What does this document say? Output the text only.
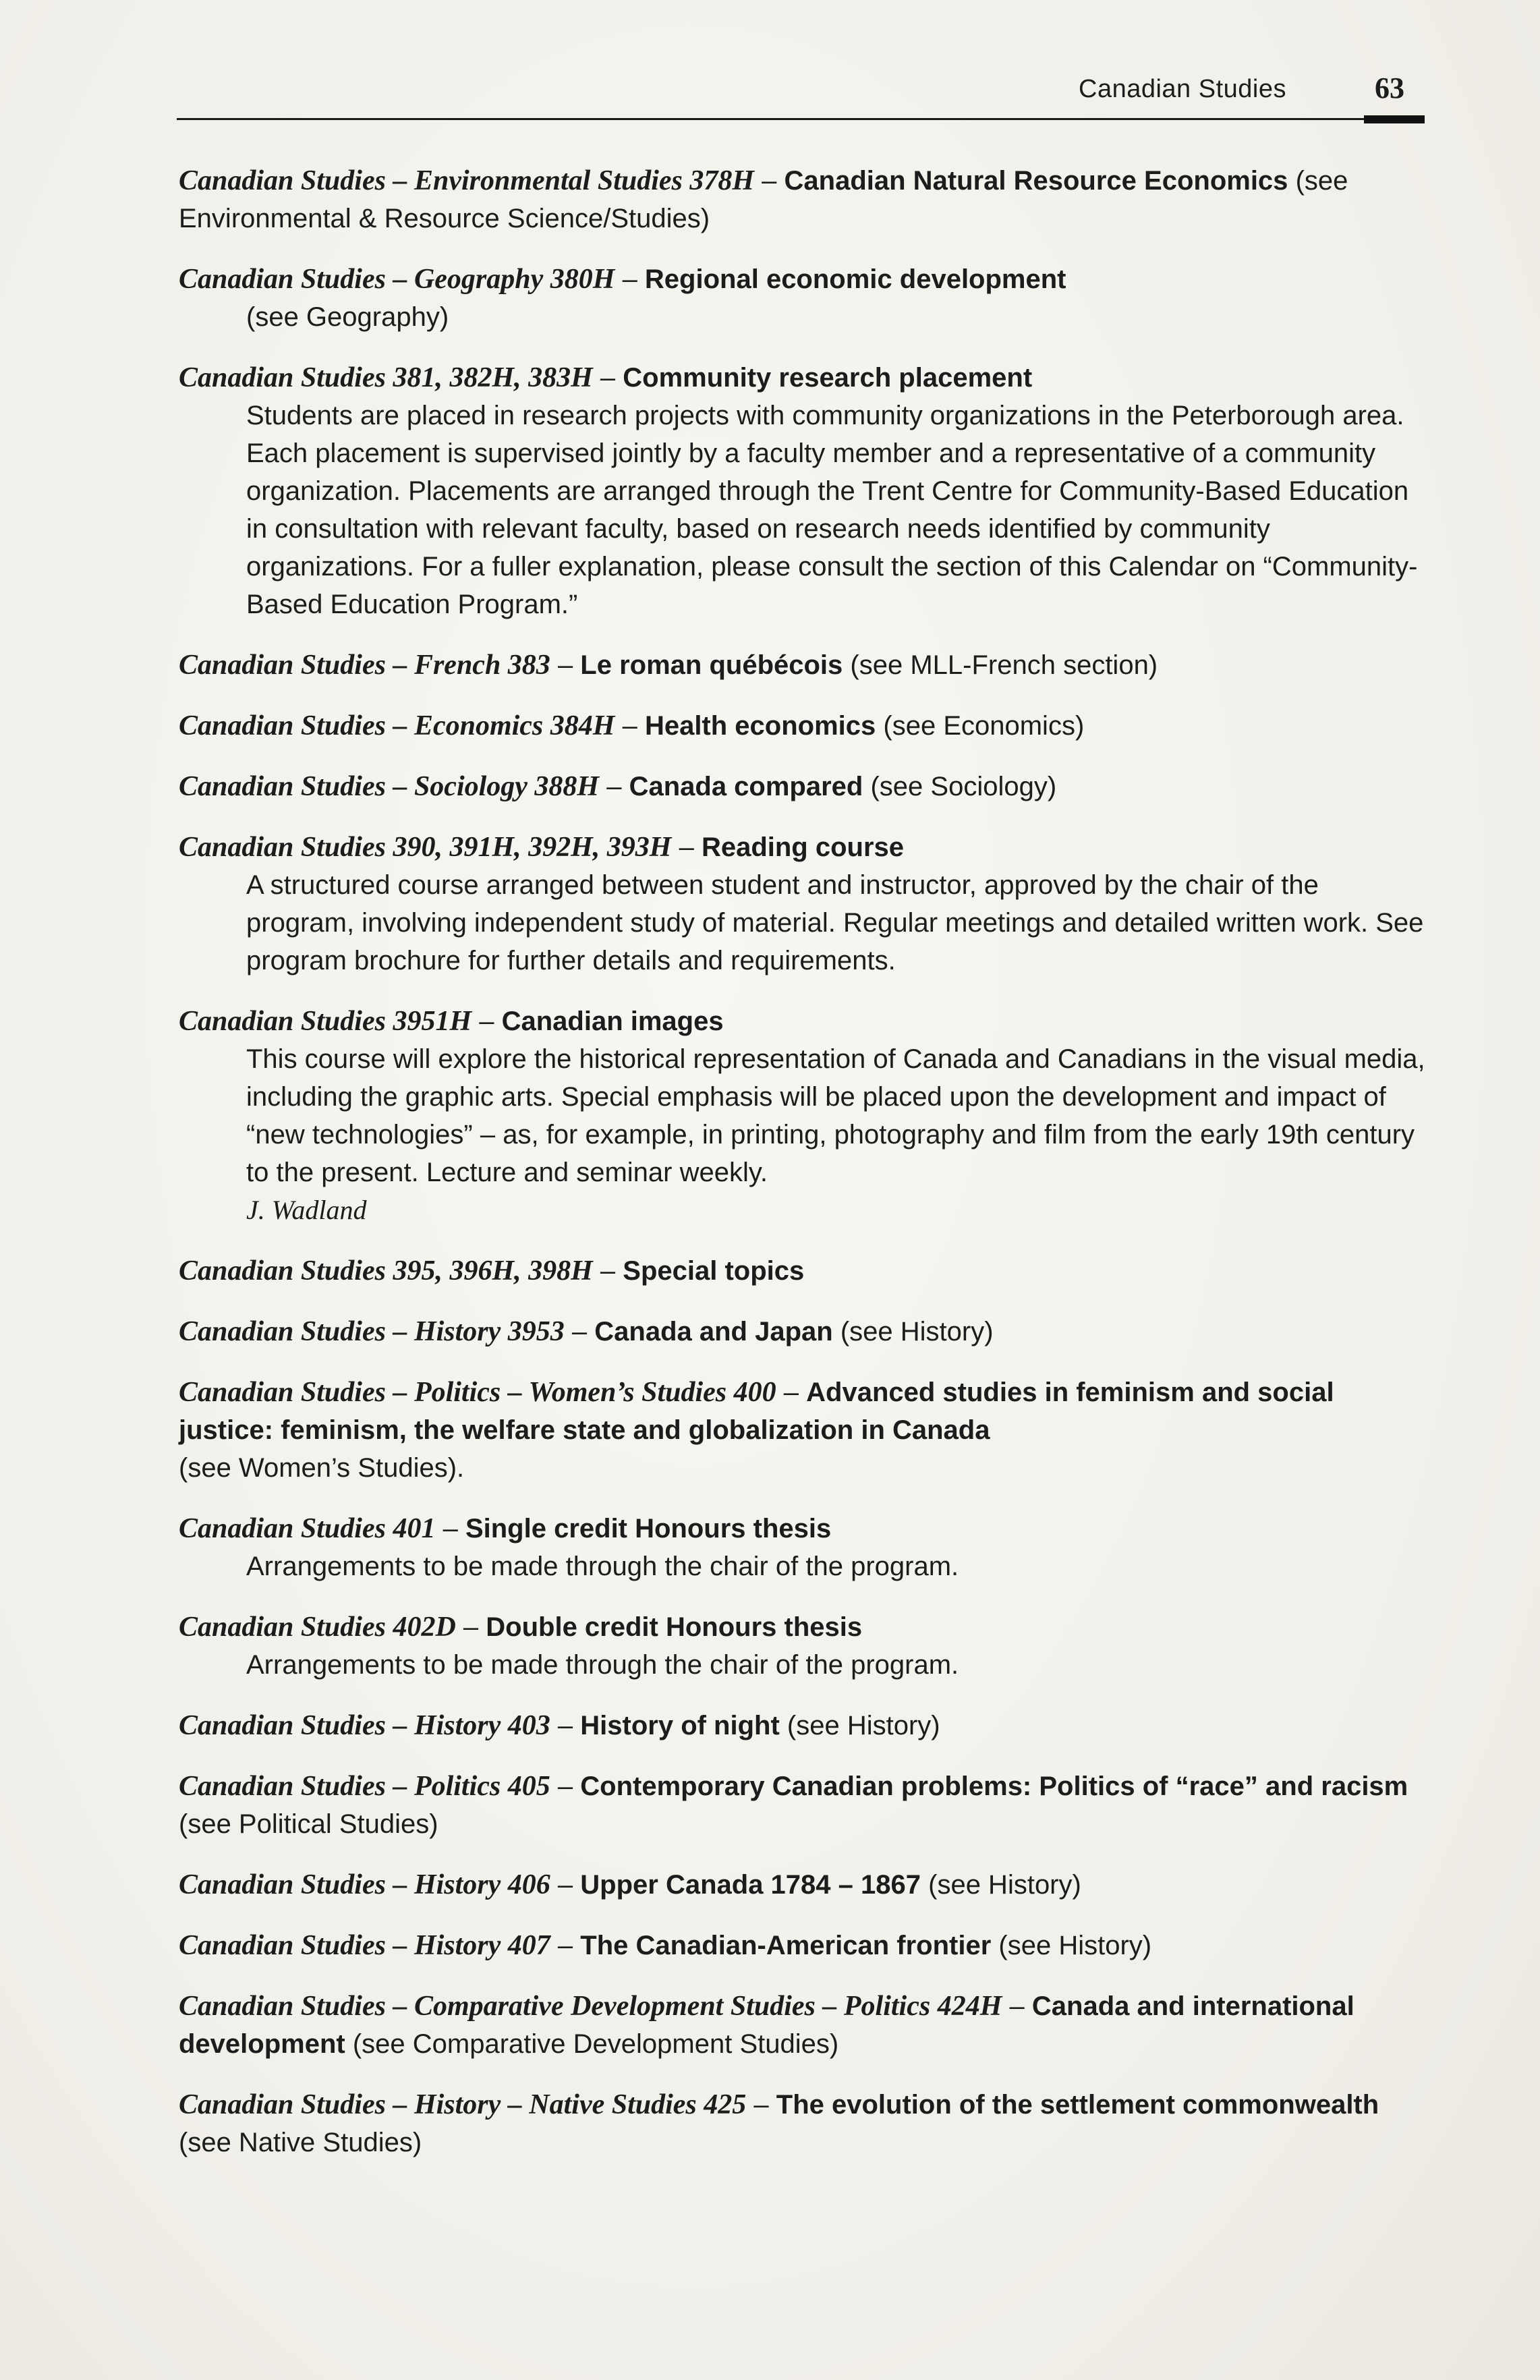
Canadian Studies	63

Canadian Studies – Environmental Studies 378H – Canadian Natural Resource Economics (see Environmental & Resource Science/Studies)

Canadian Studies – Geography 380H – Regional economic development

(see Geography)

Canadian Studies 381, 382H, 383H – Community research placement

Students are placed in research projects with community organizations in the Peterborough area. Each placement is supervised jointly by a faculty member and a representative of a community organization. Placements are arranged through the Trent Centre for Community-Based Education in consultation with relevant faculty, based on research needs identified by community organizations. For a fuller explanation, please consult the section of this Calendar on “Community-Based Education Program.”

Canadian Studies – French 383 – Le roman québécois (see MLL-French section)

Canadian Studies – Economics 384H – Health economics (see Economics)

Canadian Studies – Sociology 388H – Canada compared (see Sociology)

Canadian Studies 390, 391H, 392H, 393H – Reading course

A structured course arranged between student and instructor, approved by the chair of the program, involving independent study of material. Regular meetings and detailed written work. See program brochure for further details and requirements.

Canadian Studies 3951H – Canadian images

This course will explore the historical representation of Canada and Canadians in the visual media, including the graphic arts. Special emphasis will be placed upon the development and impact of “new technologies” – as, for example, in printing, photography and film from the early 19th century to the present. Lecture and seminar weekly.

J. Wadland

Canadian Studies 395, 396H, 398H – Special topics

Canadian Studies – History 3953 – Canada and Japan (see History)

Canadian Studies – Politics – Women’s Studies 400 – Advanced studies in feminism and social justice: feminism, the welfare state and globalization in Canada

(see Women’s Studies).

Canadian Studies 401 – Single credit Honours thesis

Arrangements to be made through the chair of the program.

Canadian Studies 402D – Double credit Honours thesis

Arrangements to be made through the chair of the program.

Canadian Studies – History 403 – History of night (see History)

Canadian Studies – Politics 405 – Contemporary Canadian problems: Politics of “race” and racism (see Political Studies)

Canadian Studies – History 406 – Upper Canada 1784 – 1867 (see History)

Canadian Studies – History 407 – The Canadian-American frontier (see History)

Canadian Studies – Comparative Development Studies – Politics 424H – Canada and international development (see Comparative Development Studies)

Canadian Studies – History – Native Studies 425 – The evolution of the settlement commonwealth (see Native Studies)
